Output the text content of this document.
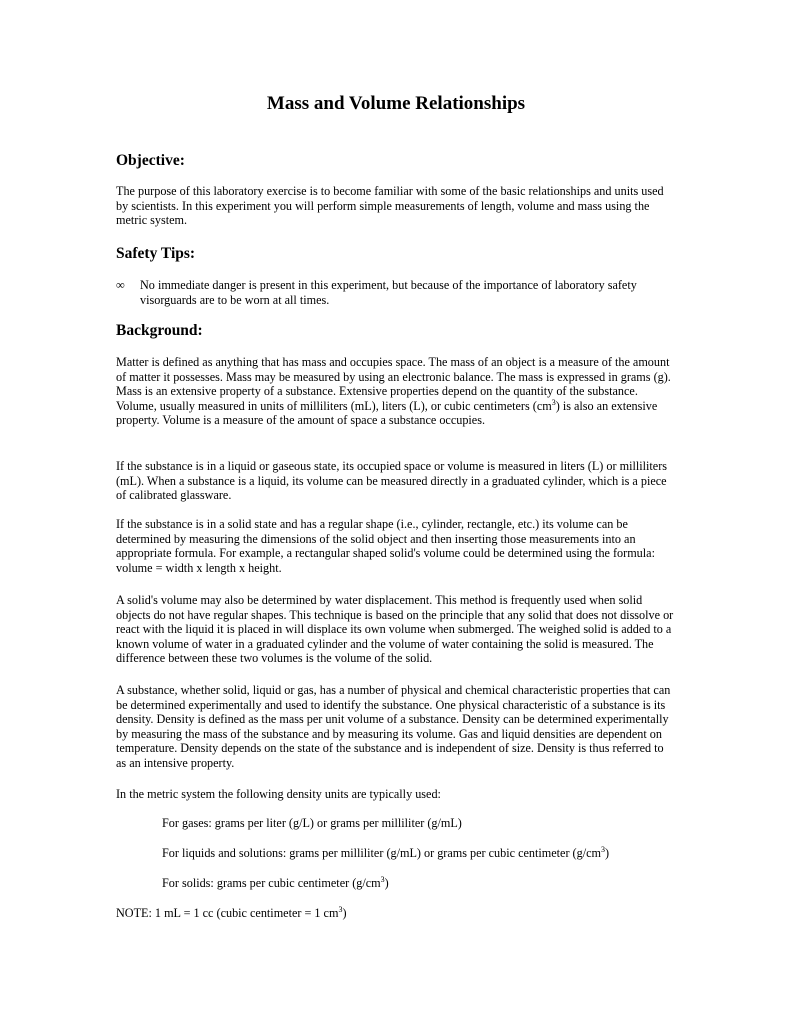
Mass and Volume Relationships
Objective:

The purpose of this laboratory exercise is to become familiar with some of the basic relationships and units used by scientists. In this experiment you will perform simple measurements of length, volume and mass using the metric system.

Safety Tips:
∞ No immediate danger is present in this experiment, but because of the importance of laboratory safety visorguards are to be worn at all times.
Background:

Matter is defined as anything that has mass and occupies space. The mass of an object is a measure of the amount of matter it possesses. Mass may be measured by using an electronic balance. The mass is expressed in grams (g). Mass is an extensive property of a substance. Extensive properties depend on the quantity of the substance. Volume, usually measured in units of milliliters (mL), liters (L), or cubic centimeters $(cm^3)$ is also an extensive property. Volume is a measure of the amount of space a substance occupies.

If the substance is in a liquid or gaseous state, its occupied space or volume is measured in liters (L) or milliliters (mL). When a substance is a liquid, its volume can be measured directly in a graduated cylinder, which is a piece of calibrated glassware.

If the substance is in a solid state and has a regular shape (i.e., cylinder, rectangle, etc.) its volume can be determined by measuring the dimensions of the solid object and then inserting those measurements into an appropriate formula. For example, a rectangular shaped solid's volume could be determined using the formula: volume = width x length x height.

A solid's volume may also be determined by water displacement. This method is frequently used when solid objects do not have regular shapes. This technique is based on the principle that any solid that does not dissolve or react with the liquid it is placed in will displace its own volume when submerged. The weighed solid is added to a known volume of water in a graduated cylinder and the volume of water containing the solid is measured. The difference between these two volumes is the volume of the solid.

A substance, whether solid, liquid or gas, has a number of physical and chemical characteristic properties that can be determined experimentally and used to identify the substance. One physical characteristic of a substance is its density. Density is defined as the mass per unit volume of a substance. Density can be determined experimentally by measuring the mass of the substance and by measuring its volume. Gas and liquid densities are dependent on temperature. Density depends on the state of the substance and is independent of size. Density is thus referred to as an intensive property.

In the metric system the following density units are typically used:

For gases: grams per liter (g/L) or grams per milliliter (g/mL)

For liquids and solutions: grams per milliliter (g/mL) or grams per cubic centimeter $(g/cm^3)$

For solids: grams per cubic centimeter $(g/cm^3)$

NOTE: 1 mL = 1 cc (cubic centimeter = 1 $cm^3$)
